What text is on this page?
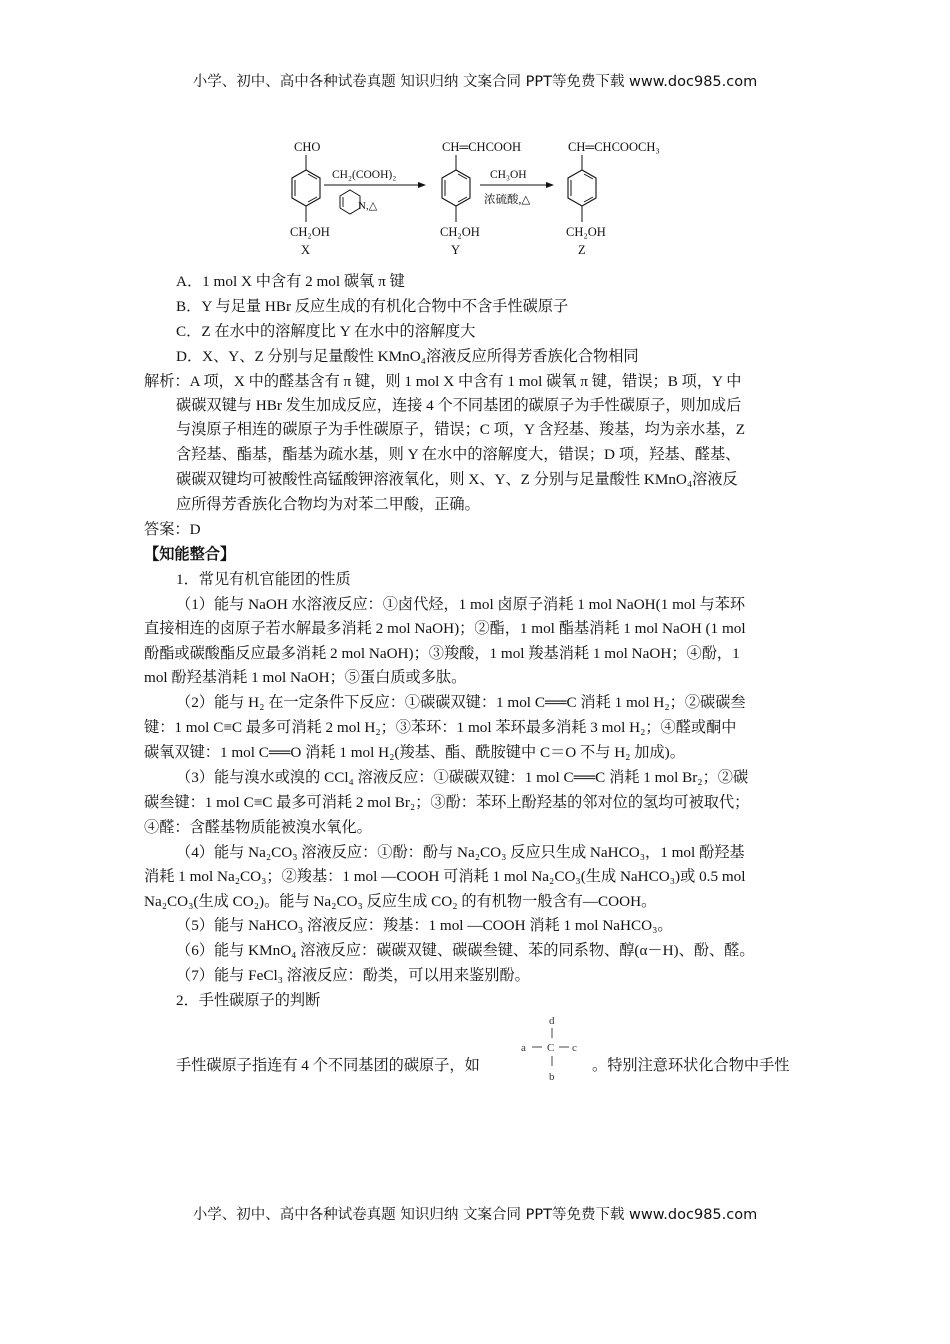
小学、初中、高中各种试卷真题 知识归纳 文案合同 PPT等免费下载 www.doc985.com
CHO
CH₂OH
X
CH₂(COOH)₂
N,△
CH═CHCOOH
CH₂OH
Y
CH₃OH
浓硫酸,△
CH═CHCOOCH₃
CH₂OH
Z
A．1 mol X 中含有 2 mol 碳氧 π 键
B．Y 与足量 HBr 反应生成的有机化合物中不含手性碳原子
C．Z 在水中的溶解度比 Y 在水中的溶解度大
D．X、Y、Z 分别与足量酸性 KMnO₄溶液反应所得芳香族化合物相同
解析：A 项，X 中的醛基含有 π 键，则 1 mol X 中含有 1 mol 碳氧 π 键，错误；B 项，Y 中
碳碳双键与 HBr 发生加成反应，连接 4 个不同基团的碳原子为手性碳原子，则加成后
与溴原子相连的碳原子为手性碳原子，错误；C 项，Y 含羟基、羧基，均为亲水基，Z
含羟基、酯基，酯基为疏水基，则 Y 在水中的溶解度大，错误；D 项，羟基、醛基、
碳碳双键均可被酸性高锰酸钾溶液氧化，则 X、Y、Z 分别与足量酸性 KMnO₄溶液反
应所得芳香族化合物均为对苯二甲酸，正确。
答案：D
【知能整合】
1．常见有机官能团的性质
（1）能与 NaOH 水溶液反应：①卤代烃，1 mol 卤原子消耗 1 mol NaOH(1 mol 与苯环
直接相连的卤原子若水解最多消耗 2 mol NaOH)；②酯，1 mol 酯基消耗 1 mol NaOH (1 mol
酚酯或碳酸酯反应最多消耗 2 mol NaOH)；③羧酸，1 mol 羧基消耗 1 mol NaOH；④酚，1
mol 酚羟基消耗 1 mol NaOH；⑤蛋白质或多肽。
（2）能与 H₂ 在一定条件下反应：①碳碳双键：1 mol C══C 消耗 1 mol H₂；②碳碳叁
键：1 mol C≡C 最多可消耗 2 mol H₂；③苯环：1 mol 苯环最多消耗 3 mol H₂；④醛或酮中
碳氧双键：1 mol C══O 消耗 1 mol H₂(羧基、酯、酰胺键中 C＝O 不与 H₂ 加成)。
（3）能与溴水或溴的 CCl₄ 溶液反应：①碳碳双键：1 mol C══C 消耗 1 mol Br₂；②碳
碳叁键：1 mol C≡C 最多可消耗 2 mol Br₂；③酚：苯环上酚羟基的邻对位的氢均可被取代；
④醛：含醛基物质能被溴水氧化。
（4）能与 Na₂CO₃ 溶液反应：①酚：酚与 Na₂CO₃ 反应只生成 NaHCO₃，1 mol 酚羟基
消耗 1 mol Na₂CO₃；②羧基：1 mol —COOH 可消耗 1 mol Na₂CO₃(生成 NaHCO₃)或 0.5 mol
Na₂CO₃(生成 CO₂)。能与 Na₂CO₃ 反应生成 CO₂ 的有机物一般含有—COOH。
（5）能与 NaHCO₃ 溶液反应：羧基：1 mol —COOH 消耗 1 mol NaHCO₃。
（6）能与 KMnO₄ 溶液反应：碳碳双键、碳碳叁键、苯的同系物、醇(α－H)、酚、醛。
（7）能与 FeCl₃ 溶液反应：酚类，可以用来鉴别酚。
2．手性碳原子的判断
手性碳原子指连有 4 个不同基团的碳原子，如
d
a C c
b
。特别注意环状化合物中手性
小学、初中、高中各种试卷真题 知识归纳 文案合同 PPT等免费下载 www.doc985.com
